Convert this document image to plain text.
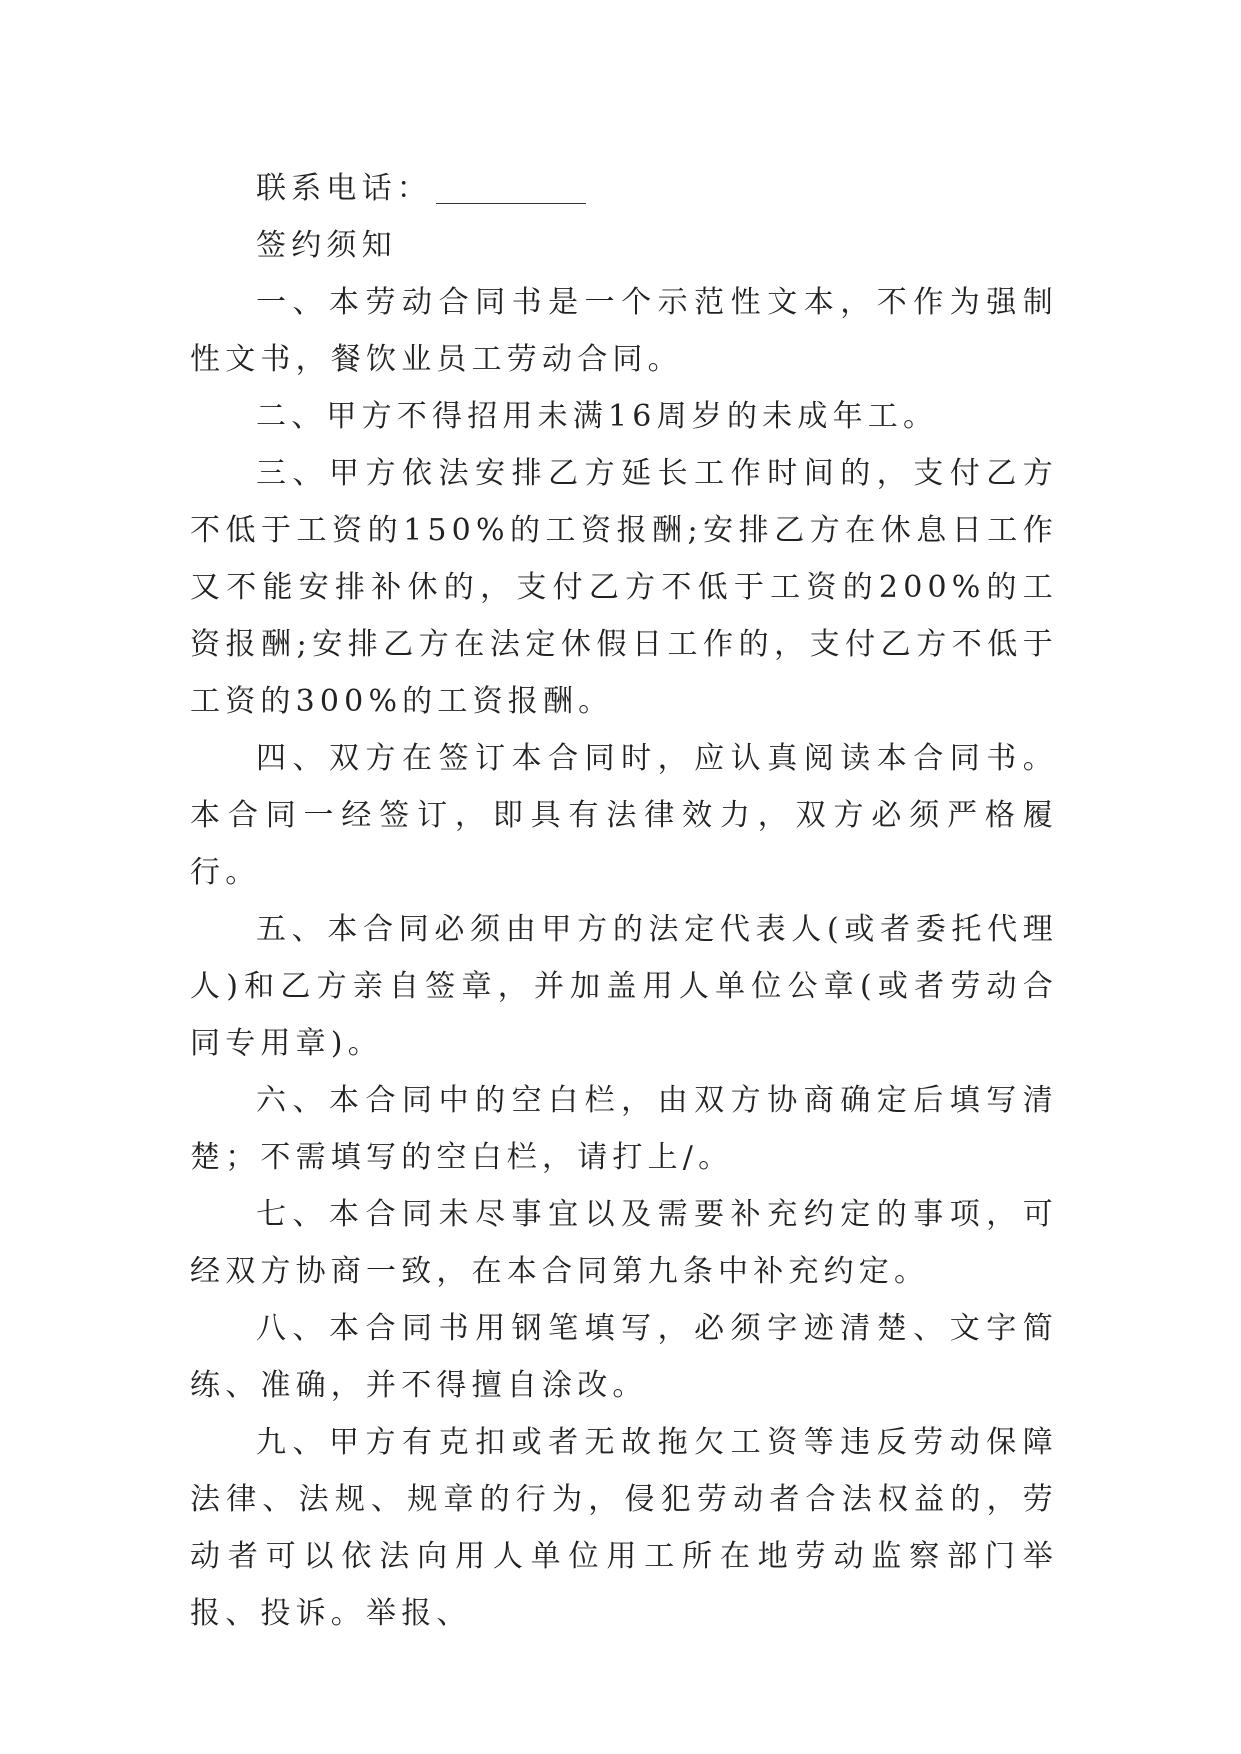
联系电话：

签约须知

一、本劳动合同书是一个示范性文本，不作为强制性文书，餐饮业员工劳动合同。

二、甲方不得招用未满16周岁的未成年工。

三、甲方依法安排乙方延长工作时间的，支付乙方不低于工资的150%的工资报酬;安排乙方在休息日工作又不能安排补休的，支付乙方不低于工资的200%的工资报酬;安排乙方在法定休假日工作的，支付乙方不低于工资的300%的工资报酬。

四、双方在签订本合同时，应认真阅读本合同书。本合同一经签订，即具有法律效力，双方必须严格履行。

五、本合同必须由甲方的法定代表人(或者委托代理人)和乙方亲自签章，并加盖用人单位公章(或者劳动合同专用章)。

六、本合同中的空白栏，由双方协商确定后填写清楚；不需填写的空白栏，请打上/。

七、本合同未尽事宜以及需要补充约定的事项，可经双方协商一致，在本合同第九条中补充约定。

八、本合同书用钢笔填写，必须字迹清楚、文字简练、准确，并不得擅自涂改。

九、甲方有克扣或者无故拖欠工资等违反劳动保障法律、法规、规章的行为，侵犯劳动者合法权益的，劳动者可以依法向用人单位用工所在地劳动监察部门举报、投诉。举报、
